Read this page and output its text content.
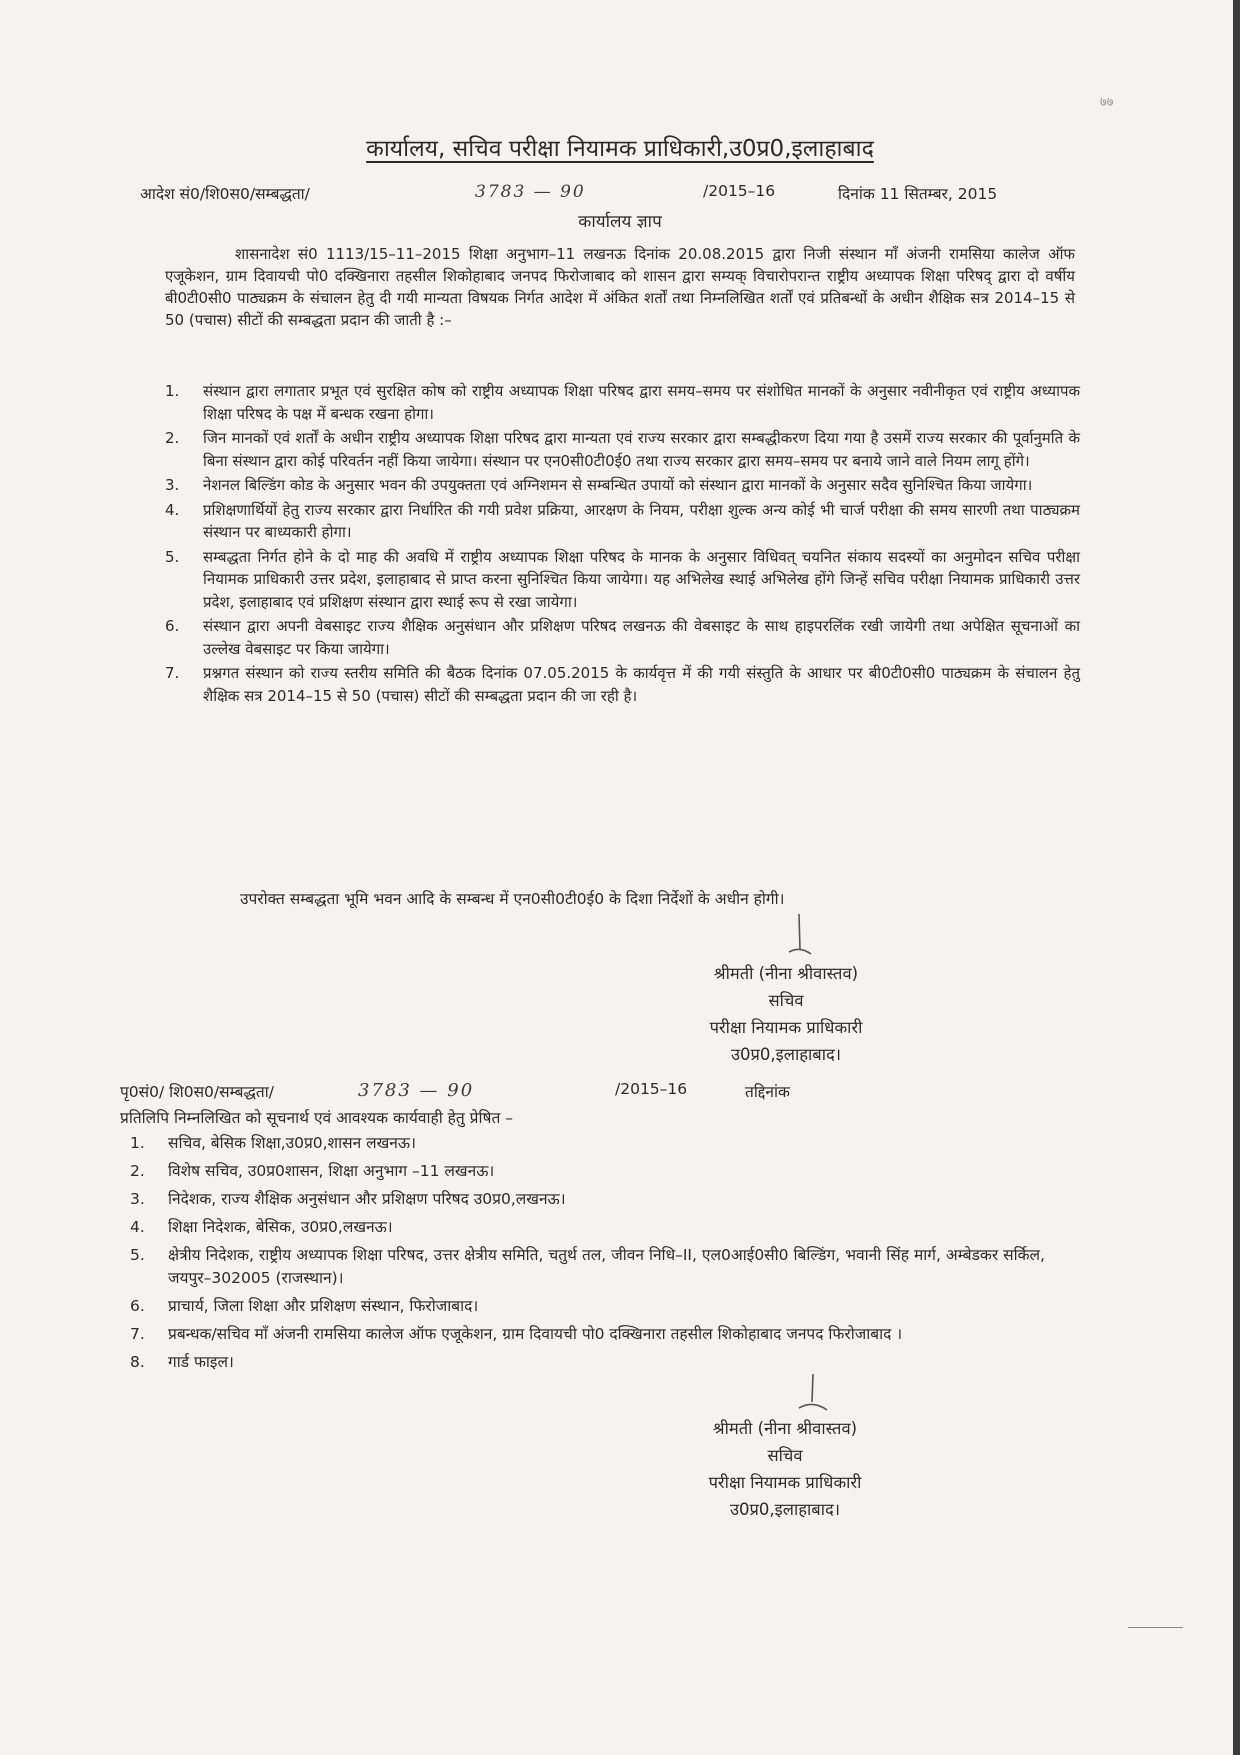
७७
कार्यालय, सचिव परीक्षा नियामक प्राधिकारी,उ0प्र0,इलाहाबाद
आदेश सं0/शि0स0/सम्बद्धता/	3783 — 90	/2015–16	दिनांक 11 सितम्बर, 2015
कार्यालय ज्ञाप
शासनादेश सं0 1113/15–11–2015 शिक्षा अनुभाग–11 लखनऊ दिनांक 20.08.2015 द्वारा निजी संस्थान माँ अंजनी रामसिया कालेज ऑफ एजूकेशन, ग्राम दिवायची पो0 दक्खिनारा तहसील शिकोहाबाद जनपद फिरोजाबाद को शासन द्वारा सम्यक् विचारोपरान्त राष्ट्रीय अध्यापक शिक्षा परिषद् द्वारा दो वर्षीय बी0टी0सी0 पाठ्यक्रम के संचालन हेतु दी गयी मान्यता विषयक निर्गत आदेश में अंकित शर्तों तथा निम्नलिखित शर्तों एवं प्रतिबन्धों के अधीन शैक्षिक सत्र 2014–15 से 50 (पचास) सीटों की सम्बद्धता प्रदान की जाती है :–
1.	संस्थान द्वारा लगातार प्रभूत एवं सुरक्षित कोष को राष्ट्रीय अध्यापक शिक्षा परिषद द्वारा समय–समय पर संशोधित मानकों के अनुसार नवीनीकृत एवं राष्ट्रीय अध्यापक शिक्षा परिषद के पक्ष में बन्धक रखना होगा।
2.	जिन मानकों एवं शर्तों के अधीन राष्ट्रीय अध्यापक शिक्षा परिषद द्वारा मान्यता एवं राज्य सरकार द्वारा सम्बद्धीकरण दिया गया है उसमें राज्य सरकार की पूर्वानुमति के बिना संस्थान द्वारा कोई परिवर्तन नहीं किया जायेगा। संस्थान पर एन0सी0टी0ई0 तथा राज्य सरकार द्वारा समय–समय पर बनाये जाने वाले नियम लागू होंगे।
3.	नेशनल बिल्डिंग कोड के अनुसार भवन की उपयुक्तता एवं अग्निशमन से सम्बन्धित उपायों को संस्थान द्वारा मानकों के अनुसार सदैव सुनिश्चित किया जायेगा।
4.	प्रशिक्षणार्थियों हेतु राज्य सरकार द्वारा निर्धारित की गयी प्रवेश प्रक्रिया, आरक्षण के नियम, परीक्षा शुल्क अन्य कोई भी चार्ज परीक्षा की समय सारणी तथा पाठ्यक्रम संस्थान पर बाध्यकारी होगा।
5.	सम्बद्धता निर्गत होने के दो माह की अवधि में राष्ट्रीय अध्यापक शिक्षा परिषद के मानक के अनुसार विधिवत् चयनित संकाय सदस्यों का अनुमोदन सचिव परीक्षा नियामक प्राधिकारी उत्तर प्रदेश, इलाहाबाद से प्राप्त करना सुनिश्चित किया जायेगा। यह अभिलेख स्थाई अभिलेख होंगे जिन्हें सचिव परीक्षा नियामक प्राधिकारी उत्तर प्रदेश, इलाहाबाद एवं प्रशिक्षण संस्थान द्वारा स्थाई रूप से रखा जायेगा।
6.	संस्थान द्वारा अपनी वेबसाइट राज्य शैक्षिक अनुसंधान और प्रशिक्षण परिषद लखनऊ की वेबसाइट के साथ हाइपरलिंक रखी जायेगी तथा अपेक्षित सूचनाओं का उल्लेख वेबसाइट पर किया जायेगा।
7.	प्रश्नगत संस्थान को राज्य स्तरीय समिति की बैठक दिनांक 07.05.2015 के कार्यवृत्त में की गयी संस्तुति के आधार पर बी0टी0सी0 पाठ्यक्रम के संचालन हेतु शैक्षिक सत्र 2014–15 से 50 (पचास) सीटों की सम्बद्धता प्रदान की जा रही है।
उपरोक्त सम्बद्धता भूमि भवन आदि के सम्बन्ध में एन0सी0टी0ई0 के दिशा निर्देशों के अधीन होगी।
श्रीमती (नीना श्रीवास्तव)
सचिव
परीक्षा नियामक प्राधिकारी
उ0प्र0,इलाहाबाद।
पृ0सं0/ शि0स0/सम्बद्धता/	3783 — 90	/2015–16	तद्दिनांक
प्रतिलिपि निम्नलिखित को सूचनार्थ एवं आवश्यक कार्यवाही हेतु प्रेषित –
1.	सचिव, बेसिक शिक्षा,उ0प्र0,शासन लखनऊ।
2.	विशेष सचिव, उ0प्र0शासन, शिक्षा अनुभाग –11 लखनऊ।
3.	निदेशक, राज्य शैक्षिक अनुसंधान और प्रशिक्षण परिषद उ0प्र0,लखनऊ।
4.	शिक्षा निदेशक, बेसिक, उ0प्र0,लखनऊ।
5.	क्षेत्रीय निदेशक, राष्ट्रीय अध्यापक शिक्षा परिषद, उत्तर क्षेत्रीय समिति, चतुर्थ तल, जीवन निधि–II, एल0आई0सी0 बिल्डिंग, भवानी सिंह मार्ग, अम्बेडकर सर्किल, जयपुर–302005 (राजस्थान)।
6.	प्राचार्य, जिला शिक्षा और प्रशिक्षण संस्थान, फिरोजाबाद।
7.	प्रबन्धक/सचिव माँ अंजनी रामसिया कालेज ऑफ एजूकेशन, ग्राम दिवायची पो0 दक्खिनारा तहसील शिकोहाबाद जनपद फिरोजाबाद ।
8.	गार्ड फाइल।
श्रीमती (नीना श्रीवास्तव)
सचिव
परीक्षा नियामक प्राधिकारी
उ0प्र0,इलाहाबाद।
